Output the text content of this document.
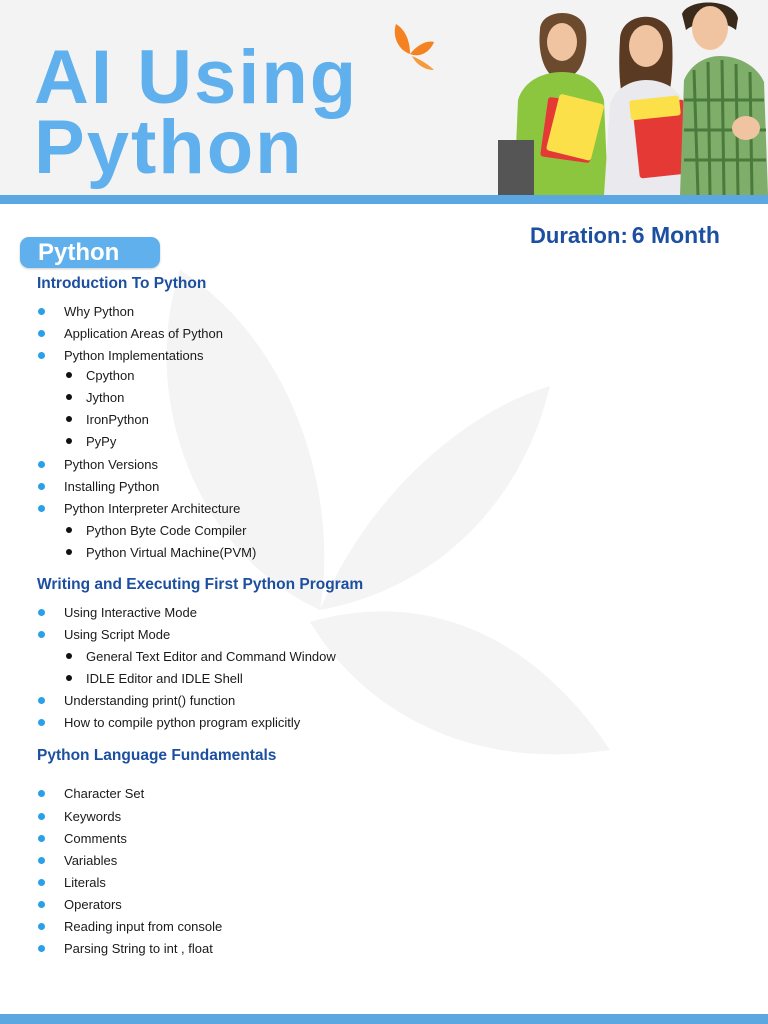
AI Using
Python
Duration: 6 Month
Python
Introduction To Python
Why Python
Application Areas of Python
Python Implementations
Cpython
Jython
IronPython
PyPy
Python Versions
Installing Python
Python Interpreter Architecture
Python Byte Code Compiler
Python Virtual Machine(PVM)
Writing and Executing First Python Program
Using Interactive Mode
Using Script Mode
General Text Editor and Command Window
IDLE Editor and IDLE Shell
Understanding print() function
How to compile python program explicitly
Python Language Fundamentals
Character Set
Keywords
Comments
Variables
Literals
Operators
Reading input from console
Parsing String to int , float
